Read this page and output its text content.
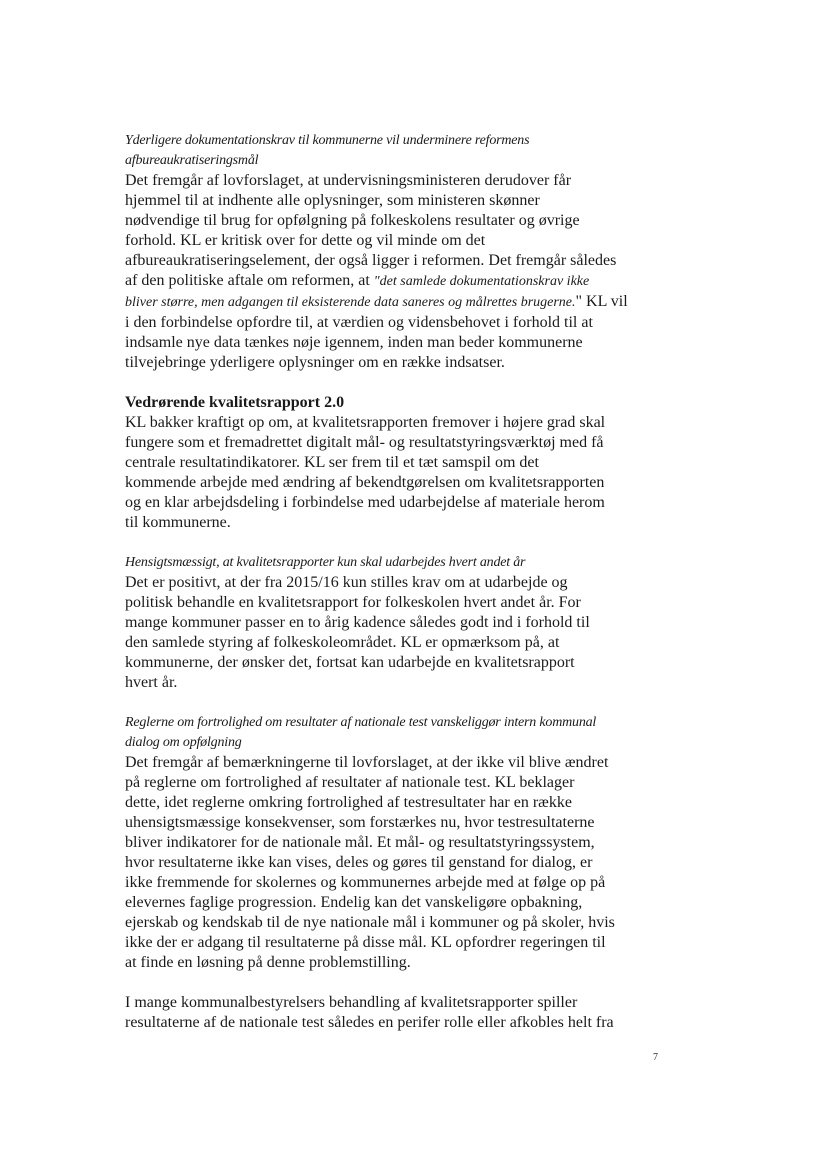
Yderligere dokumentationskrav til kommunerne vil underminere reformens
afbureaukratiseringsmål
Det fremgår af lovforslaget, at undervisningsministeren derudover får
hjemmel til at indhente alle oplysninger, som ministeren skønner
nødvendige til brug for opfølgning på folkeskolens resultater og øvrige
forhold. KL er kritisk over for dette og vil minde om det
afbureaukratiseringselement, der også ligger i reformen. Det fremgår således
af den politiske aftale om reformen, at "det samlede dokumentationskrav ikke
bliver større, men adgangen til eksisterende data saneres og målrettes brugerne." KL vil
i den forbindelse opfordre til, at værdien og vidensbehovet i forhold til at
indsamle nye data tænkes nøje igennem, inden man beder kommunerne
tilvejebringe yderligere oplysninger om en række indsatser.
Vedrørende kvalitetsrapport 2.0
KL bakker kraftigt op om, at kvalitetsrapporten fremover i højere grad skal
fungere som et fremadrettet digitalt mål- og resultatstyringsværktøj med få
centrale resultatindikatorer. KL ser frem til et tæt samspil om det
kommende arbejde med ændring af bekendtgørelsen om kvalitetsrapporten
og en klar arbejdsdeling i forbindelse med udarbejdelse af materiale herom
til kommunerne.
Hensigtsmæssigt, at kvalitetsrapporter kun skal udarbejdes hvert andet år
Det er positivt, at der fra 2015/16 kun stilles krav om at udarbejde og
politisk behandle en kvalitetsrapport for folkeskolen hvert andet år. For
mange kommuner passer en to årig kadence således godt ind i forhold til
den samlede styring af folkeskoleområdet. KL er opmærksom på, at
kommunerne, der ønsker det, fortsat kan udarbejde en kvalitetsrapport
hvert år.
Reglerne om fortrolighed om resultater af nationale test vanskeliggør intern kommunal
dialog om opfølgning
Det fremgår af bemærkningerne til lovforslaget, at der ikke vil blive ændret
på reglerne om fortrolighed af resultater af nationale test. KL beklager
dette, idet reglerne omkring fortrolighed af testresultater har en række
uhensigtsmæssige konsekvenser, som forstærkes nu, hvor testresultaterne
bliver indikatorer for de nationale mål. Et mål- og resultatstyringssystem,
hvor resultaterne ikke kan vises, deles og gøres til genstand for dialog, er
ikke fremmende for skolernes og kommunernes arbejde med at følge op på
elevernes faglige progression. Endelig kan det vanskeligøre opbakning,
ejerskab og kendskab til de nye nationale mål i kommuner og på skoler, hvis
ikke der er adgang til resultaterne på disse mål. KL opfordrer regeringen til
at finde en løsning på denne problemstilling.
I mange kommunalbestyrelsers behandling af kvalitetsrapporter spiller
resultaterne af de nationale test således en perifer rolle eller afkobles helt fra
7
